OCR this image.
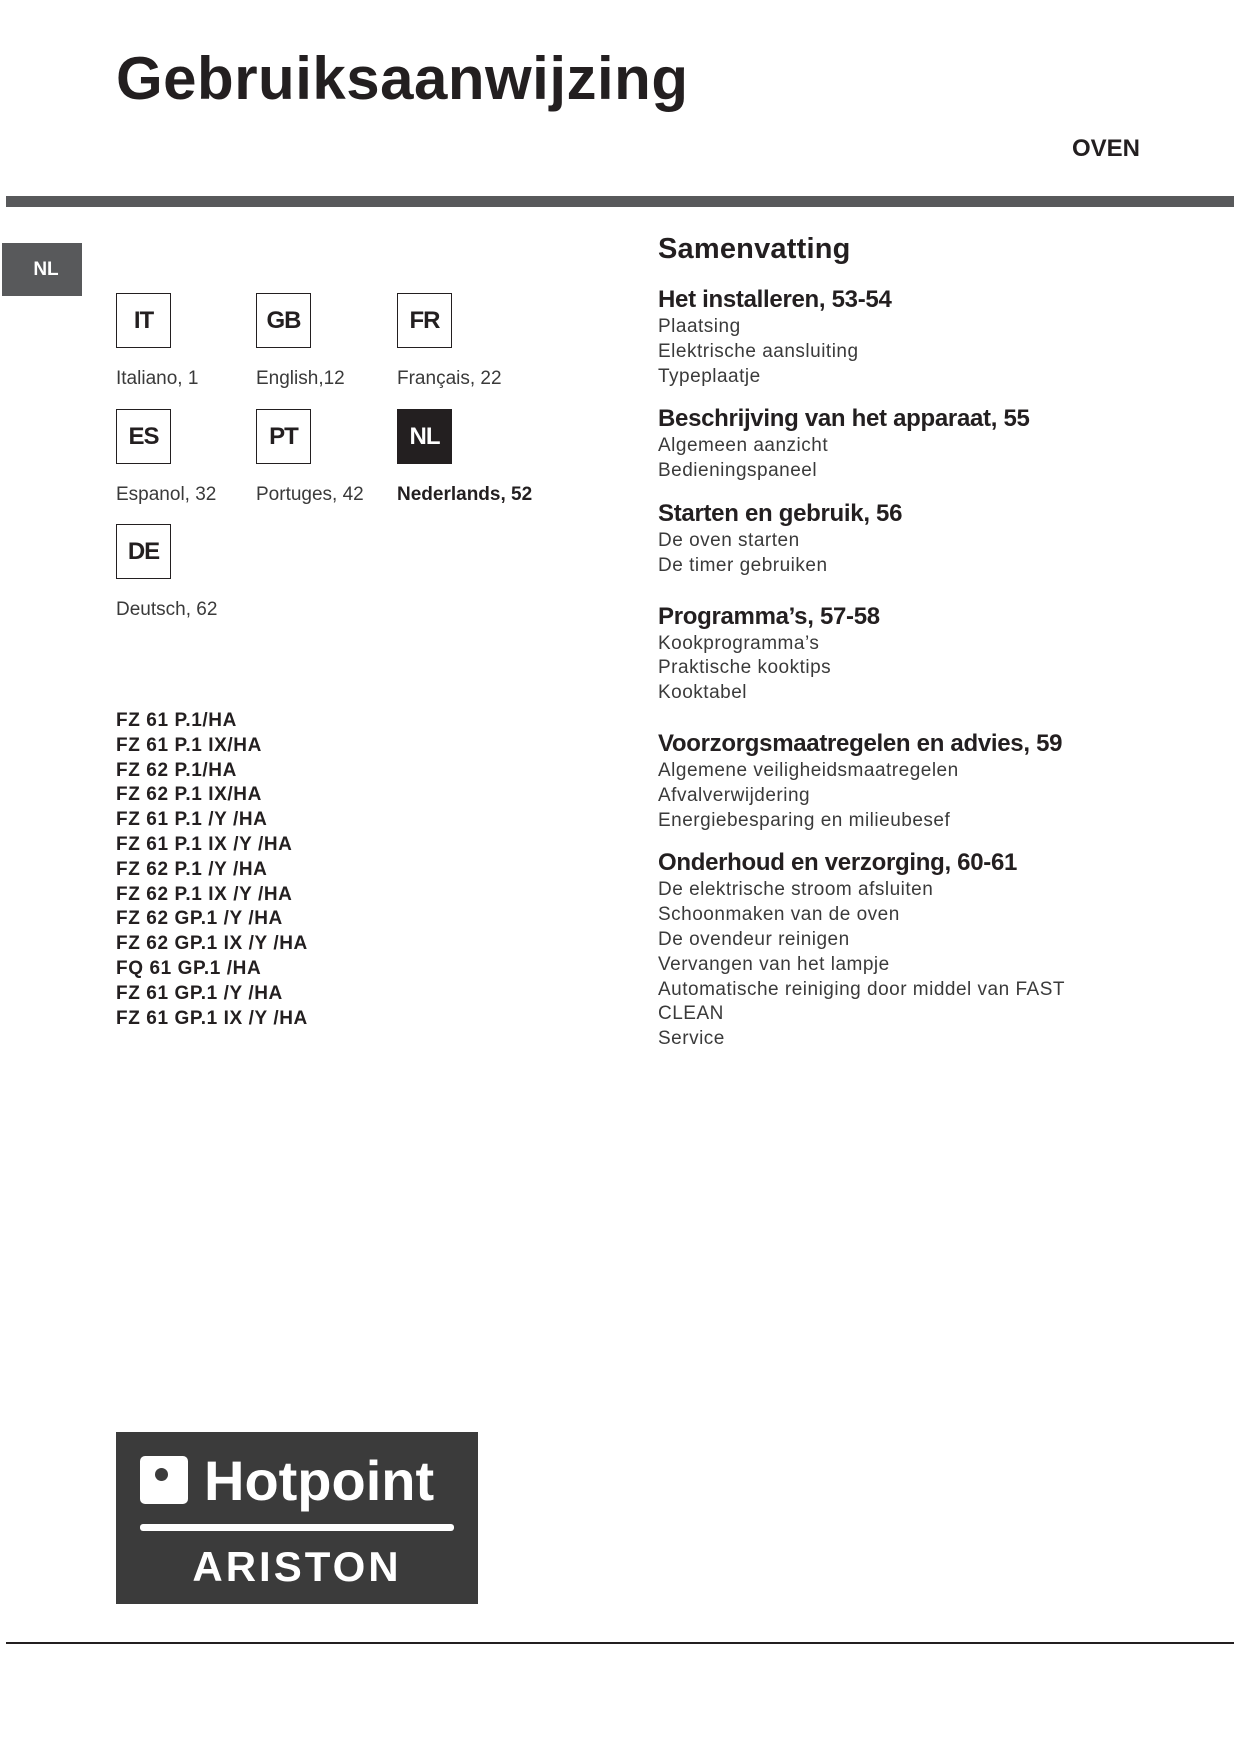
Gebruiksaanwijzing
OVEN
NL
IT
Italiano, 1
GB
English,12
FR
Français, 22
ES
Espanol, 32
PT
Portuges, 42
NL
Nederlands, 52
DE
Deutsch, 62
FZ 61 P.1/HA
FZ 61 P.1 IX/HA
FZ 62 P.1/HA
FZ 62 P.1 IX/HA
FZ 61 P.1 /Y /HA
FZ 61 P.1 IX /Y /HA
FZ 62 P.1 /Y /HA
FZ 62 P.1 IX /Y /HA
FZ 62 GP.1 /Y /HA
FZ 62 GP.1 IX /Y /HA
FQ 61 GP.1 /HA
FZ 61 GP.1 /Y /HA
FZ 61 GP.1 IX /Y /HA
Samenvatting
Het installeren, 53-54
Plaatsing
Elektrische aansluiting
Typeplaatje
Beschrijving van het apparaat, 55
Algemeen aanzicht
Bedieningspaneel
Starten en gebruik, 56
De oven starten
De timer gebruiken
Programma’s, 57-58
Kookprogramma’s
Praktische kooktips
Kooktabel
Voorzorgsmaatregelen en advies, 59
Algemene veiligheidsmaatregelen
Afvalverwijdering
Energiebesparing en milieubesef
Onderhoud en verzorging, 60-61
De elektrische stroom afsluiten
Schoonmaken van de oven
De ovendeur reinigen
Vervangen van het lampje
Automatische reiniging door middel van FAST
CLEAN
Service
Hotpoint
ARISTON
